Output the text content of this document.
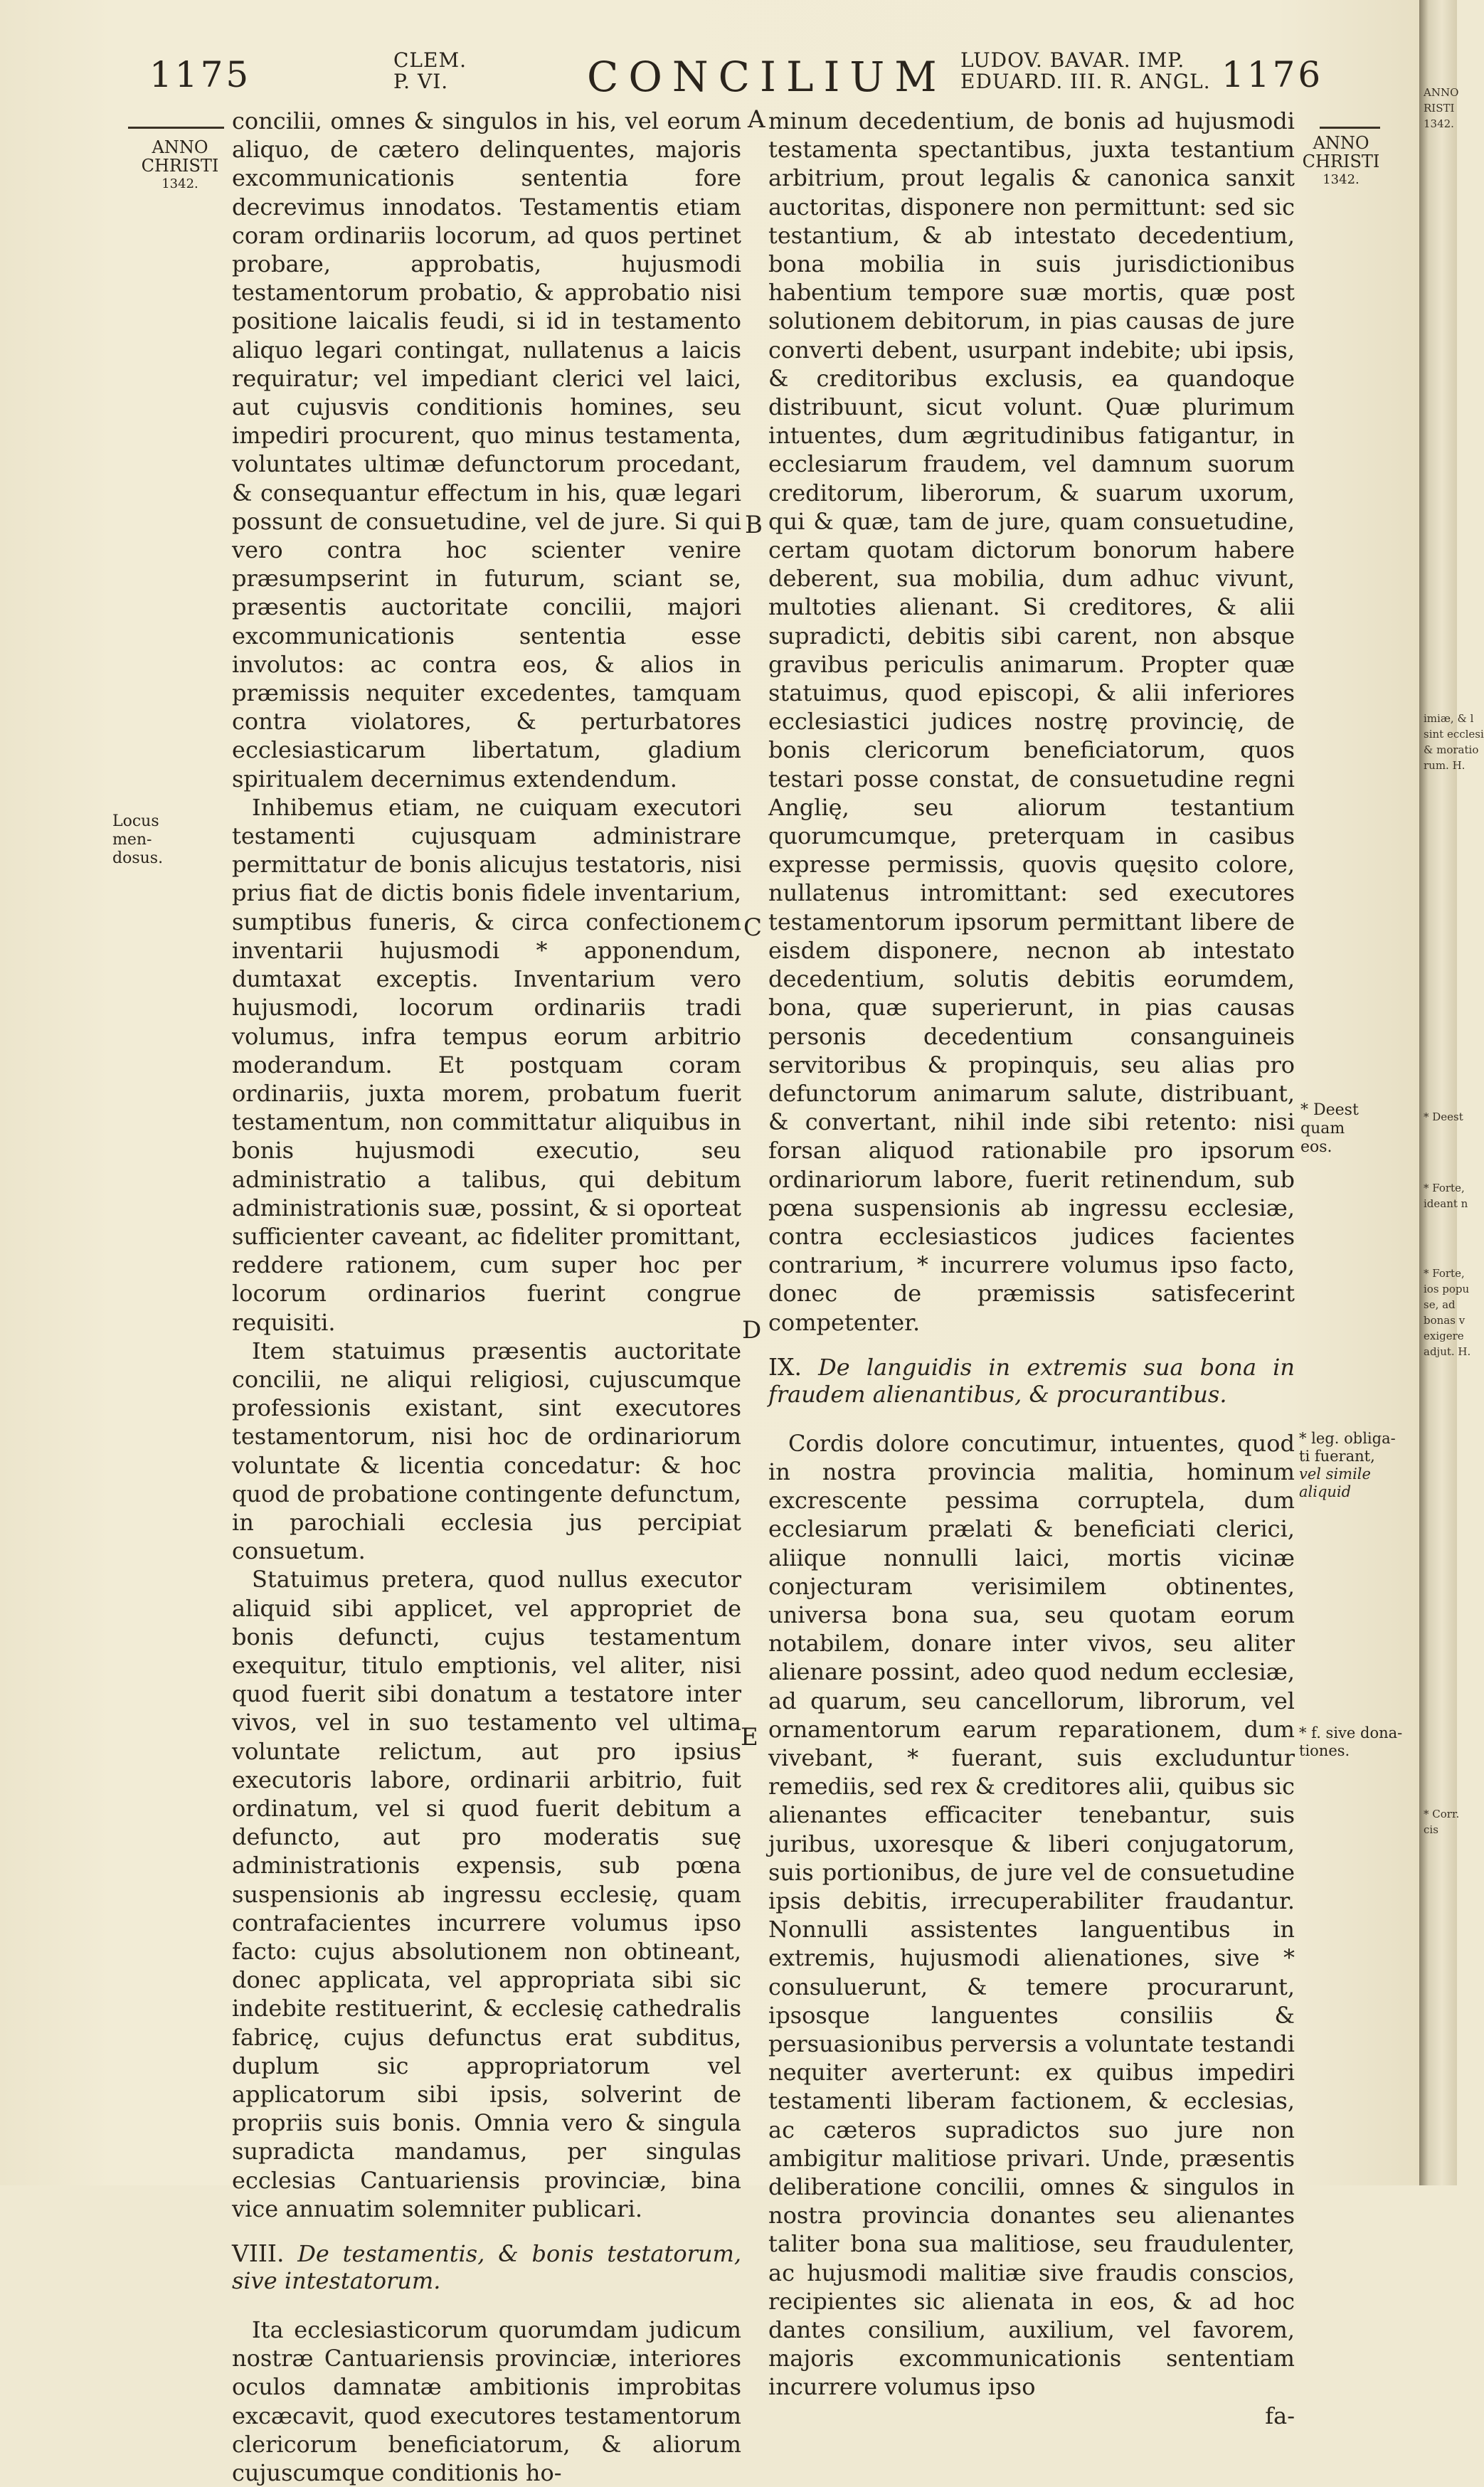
1175	CLEM.
P. VI.	CONCILIUM LUDOV. BAVAR. IMP.
EDUARD. III. R. ANGL. 1176
ANNO
CHRISTI
1342.
Locus men-
dosus.
ANNO
CHRISTI
1342.
* Deest quam
eos.
* leg. obliga-
ti fuerant,
vel simile
aliquid
* f. sive dona-
tiones.
A
B
C
D
E

concilii, omnes & singulos in his, vel eorum aliquo, de cætero delinquentes, majoris excommunicationis sententia fore decrevimus innodatos. Testamentis etiam coram ordinariis locorum, ad quos pertinet probare, approbatis, hujusmodi testamentorum probatio, & approbatio nisi positione laicalis feudi, si id in testamento aliquo legari contingat, nullatenus a laicis requiratur; vel impediant clerici vel laici, aut cujusvis conditionis homines, seu impediri procurent, quo minus testamenta, voluntates ultimæ defunctorum procedant, & consequantur effectum in his, quæ legari possunt de consuetudine, vel de jure. Si qui vero contra hoc scienter venire præsumpserint in futurum, sciant se, præsentis auctoritate concilii, majori excommunicationis sententia esse involutos: ac contra eos, & alios in præmissis nequiter excedentes, tamquam contra violatores, & perturbatores ecclesiasticarum libertatum, gladium spiritualem decernimus extendendum.

Inhibemus etiam, ne cuiquam executori testamenti cujusquam administrare permittatur de bonis alicujus testatoris, nisi prius fiat de dictis bonis fidele inventarium, sumptibus funeris, & circa confectionem inventarii hujusmodi * apponendum, dumtaxat exceptis. Inventarium vero hujusmodi, locorum ordinariis tradi volumus, infra tempus eorum arbitrio moderandum. Et postquam coram ordinariis, juxta morem, probatum fuerit testamentum, non committatur aliquibus in bonis hujusmodi executio, seu administratio a talibus, qui debitum administrationis suæ, possint, & si oporteat sufficienter caveant, ac fideliter promittant, reddere rationem, cum super hoc per locorum ordinarios fuerint congrue requisiti.

Item statuimus præsentis auctoritate concilii, ne aliqui religiosi, cujuscumque professionis existant, sint executores testamentorum, nisi hoc de ordinariorum voluntate & licentia concedatur: & hoc quod de probatione contingente defunctum, in parochiali ecclesia jus percipiat consuetum.

Statuimus pretera, quod nullus executor aliquid sibi applicet, vel appropriet de bonis defuncti, cujus testamentum exequitur, titulo emptionis, vel aliter, nisi quod fuerit sibi donatum a testatore inter vivos, vel in suo testamento vel ultima voluntate relictum, aut pro ipsius executoris labore, ordinarii arbitrio, fuit ordinatum, vel si quod fuerit debitum a defuncto, aut pro moderatis suę administrationis expensis, sub pœna suspensionis ab ingressu ecclesię, quam contrafacientes incurrere volumus ipso facto: cujus absolutionem non obtineant, donec applicata, vel appropriata sibi sic indebite restituerint, & ecclesię cathedralis fabricę, cujus defunctus erat subditus, duplum sic appropriatorum vel applicatorum sibi ipsis, solverint de propriis suis bonis. Omnia vero & singula supradicta mandamus, per singulas ecclesias Cantuariensis provinciæ, bina vice annuatim solemniter publicari.

VIII. De testamentis, & bonis testatorum, sive intestatorum.

Ita ecclesiasticorum quorumdam judicum nostræ Cantuariensis provinciæ, interiores oculos damnatæ ambitionis improbitas excæcavit, quod executores testamentorum clericorum beneficiatorum, & aliorum cujuscumque conditionis ho-

minum decedentium, de bonis ad hujusmodi testamenta spectantibus, juxta testantium arbitrium, prout legalis & canonica sanxit auctoritas, disponere non permittunt: sed sic testantium, & ab intestato decedentium, bona mobilia in suis jurisdictionibus habentium tempore suæ mortis, quæ post solutionem debitorum, in pias causas de jure converti debent, usurpant indebite; ubi ipsis, & creditoribus exclusis, ea quandoque distribuunt, sicut volunt. Quæ plurimum intuentes, dum ægritudinibus fatigantur, in ecclesiarum fraudem, vel damnum suorum creditorum, liberorum, & suarum uxorum, qui & quæ, tam de jure, quam consuetudine, certam quotam dictorum bonorum habere deberent, sua mobilia, dum adhuc vivunt, multoties alienant. Si creditores, & alii supradicti, debitis sibi carent, non absque gravibus periculis animarum. Propter quæ statuimus, quod episcopi, & alii inferiores ecclesiastici judices nostrę provincię, de bonis clericorum beneficiatorum, quos testari posse constat, de consuetudine regni Anglię, seu aliorum testantium quorumcumque, preterquam in casibus expresse permissis, quovis quęsito colore, nullatenus intromittant: sed executores testamentorum ipsorum permittant libere de eisdem disponere, necnon ab intestato decedentium, solutis debitis eorumdem, bona, quæ superierunt, in pias causas personis decedentium consanguineis servitoribus & propinquis, seu alias pro defunctorum animarum salute, distribuant, & convertant, nihil inde sibi retento: nisi forsan aliquod rationabile pro ipsorum ordinariorum labore, fuerit retinendum, sub pœna suspensionis ab ingressu ecclesiæ, contra ecclesiasticos judices facientes contrarium, * incurrere volumus ipso facto, donec de præmissis satisfecerint competenter.

IX. De languidis in extremis sua bona in fraudem alienantibus, & procurantibus.

Cordis dolore concutimur, intuentes, quod in nostra provincia malitia, hominum excrescente pessima corruptela, dum ecclesiarum prælati & beneficiati clerici, aliique nonnulli laici, mortis vicinæ conjecturam verisimilem obtinentes, universa bona sua, seu quotam eorum notabilem, donare inter vivos, seu aliter alienare possint, adeo quod nedum ecclesiæ, ad quarum, seu cancellorum, librorum, vel ornamentorum earum reparationem, dum vivebant, * fuerant, suis excluduntur remediis, sed rex & creditores alii, quibus sic alienantes efficaciter tenebantur, suis juribus, uxoresque & liberi conjugatorum, suis portionibus, de jure vel de consuetudine ipsis debitis, irrecuperabiliter fraudantur. Nonnulli assistentes languentibus in extremis, hujusmodi alienationes, sive * consuluerunt, & temere procurarunt, ipsosque languentes consiliis & persuasionibus perversis a voluntate testandi nequiter averterunt: ex quibus impediri testamenti liberam factionem, & ecclesias, ac cæteros supradictos suo jure non ambigitur malitiose privari. Unde, præsentis deliberatione concilii, omnes & singulos in nostra provincia donantes seu alienantes taliter bona sua malitiose, seu fraudulenter, ac hujusmodi malitiæ sive fraudis conscios, recipientes sic alienata in eos, & ad hoc dantes consilium, auxilium, vel favorem, majoris excommunicationis sententiam incurrere volumus ipso

fa-

ANNO
RISTI
1342.
imiæ, & l
sint ecclesi
& moratio
rum. H.
* Deest
* Forte,
ideant n
* Forte,
ios popu
se, ad
bonas v
exigere
adjut. H.
* Corr.
cis
